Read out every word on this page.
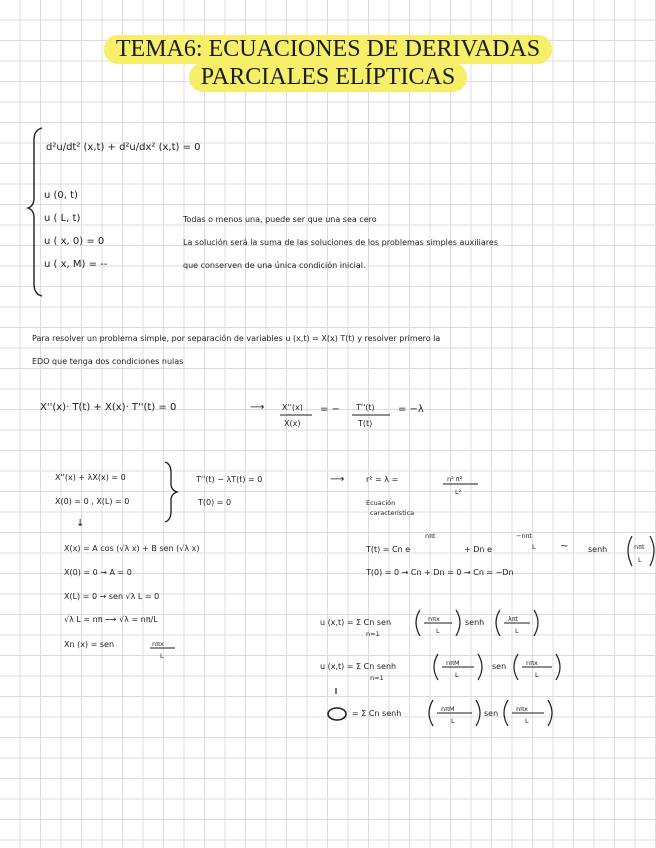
TEMA6: ECUACIONES DE DERIVADAS
PARCIALES ELÍPTICAS
d²u/dt² (x,t) + d²u/dx² (x,t) = 0
u (0, t)
u ( L, t)
u ( x, 0) = 0
u ( x, M) = --
Todas o menos una, puede ser que una sea cero
La solución será la suma de las soluciones de los problemas simples auxiliares
que conserven de una única condición inicial.
Para resolver un problema simple, por separación de variables u (x,t) = X(x) T(t) y resolver primero la
EDO que tenga dos condiciones nulas
X''(x)· T(t) + X(x)· T''(t) = 0	⟶ X''(x)
X(x)
= − T''(t)
T(t)
= −λ
X''(x) + λX(x) = 0
X(0) = 0 , X(L) = 0
↓
X(x) = A cos (√λ x) + B sen (√λ x)
X(0) = 0 → A = 0
X(L) = 0 → sen √λ L = 0
√λ L = nπ ⟶ √λ = nπ/L
Xn (x) = sen	nπx
L
T''(t) − λT(t) = 0
T(0) = 0
⟶	r² = λ =	n² π²
L²
Ecuación
característica
T(t) = Cn e
nπt
+ Dn e
−nπt
L ~ senh	nπt
L
T(0) = 0 → Cn + Dn = 0 → Cn = −Dn
u (x,t) = Σ Cn sen
n=1
nπx
L
senh	λπt
L
u (x,t) = Σ Cn senh
n=1
nπM
L
sen	nπx
L
= Σ Cn senh	nπM
L
sen	nπx
L
